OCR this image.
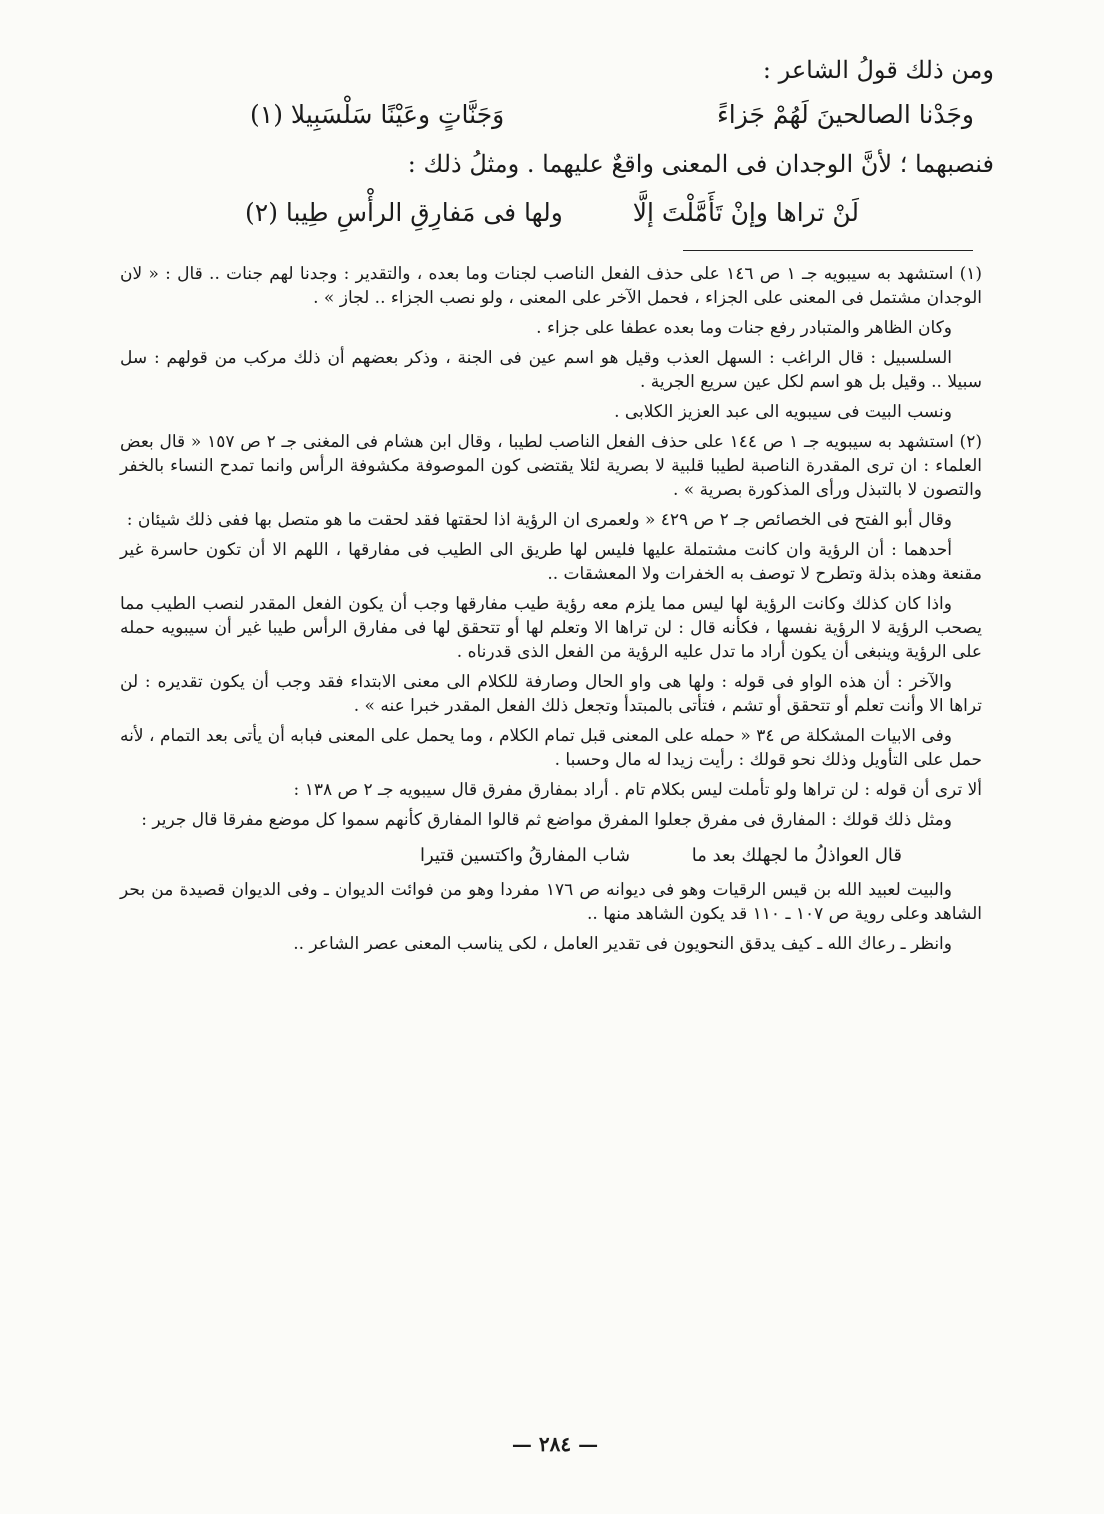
ومن ذلك قولُ الشاعر :
وجَدْنا الصالحينَ لَهُمْ جَزاءً
وَجَنَّاتٍ وعَيْنًا سَلْسَبِيلا (١)
فنصبهما ؛ لأنَّ الوجدان فى المعنى واقعٌ عليهما . ومثلُ ذلك :
لَنْ تراها وإنْ تَأَمَّلْتَ إلَّا
ولها فى مَفارِقِ الرأْسِ طِيبا (٢)

(١) استشهد به سيبويه جـ ١ ص ١٤٦ على حذف الفعل الناصب لجنات وما بعده ، والتقدير : وجدنا لهم جنات .. قال : « لان الوجدان مشتمل فى المعنى على الجزاء ، فحمل الآخر على المعنى ، ولو نصب الجزاء .. لجاز » .

وكان الظاهر والمتبادر رفع جنات وما بعده عطفا على جزاء .

السلسبيل : قال الراغب : السهل العذب وقيل هو اسم عين فى الجنة ، وذكر بعضهم أن ذلك مركب من قولهم : سل سبيلا .. وقيل بل هو اسم لكل عين سريع الجرية .

ونسب البيت فى سيبويه الى عبد العزيز الكلابى .

(٢) استشهد به سيبويه جـ ١ ص ١٤٤ على حذف الفعل الناصب لطيبا ، وقال ابن هشام فى المغنى جـ ٢ ص ١٥٧ « قال بعض العلماء : ان ترى المقدرة الناصبة لطيبا قلبية لا بصرية لئلا يقتضى كون الموصوفة مكشوفة الرأس وانما تمدح النساء بالخفر والتصون لا بالتبذل ورأى المذكورة بصرية » .

وقال أبو الفتح فى الخصائص جـ ٢ ص ٤٢٩ « ولعمرى ان الرؤية اذا لحقتها فقد لحقت ما هو متصل بها ففى ذلك شيئان :

أحدهما : أن الرؤية وان كانت مشتملة عليها فليس لها طريق الى الطيب فى مفارقها ، اللهم الا أن تكون حاسرة غير مقنعة وهذه بذلة وتطرح لا توصف به الخفرات ولا المعشقات ..

واذا كان كذلك وكانت الرؤية لها ليس مما يلزم معه رؤية طيب مفارقها وجب أن يكون الفعل المقدر لنصب الطيب مما يصحب الرؤية لا الرؤية نفسها ، فكأنه قال : لن تراها الا وتعلم لها أو تتحقق لها فى مفارق الرأس طيبا غير أن سيبويه حمله على الرؤية وينبغى أن يكون أراد ما تدل عليه الرؤية من الفعل الذى قدرناه .

والآخر : أن هذه الواو فى قوله : ولها هى واو الحال وصارفة للكلام الى معنى الابتداء فقد وجب أن يكون تقديره : لن تراها الا وأنت تعلم أو تتحقق أو تشم ، فتأتى بالمبتدأ وتجعل ذلك الفعل المقدر خبرا عنه » .

وفى الابيات المشكلة ص ٣٤ « حمله على المعنى قبل تمام الكلام ، وما يحمل على المعنى فبابه أن يأتى بعد التمام ، لأنه حمل على التأويل وذلك نحو قولك : رأيت زيدا له مال وحسبا .

ألا ترى أن قوله : لن تراها ولو تأملت ليس بكلام تام . أراد بمفارق مفرق قال سيبويه جـ ٢ ص ١٣٨ :

ومثل ذلك قولك : المفارق فى مفرق جعلوا المفرق مواضع ثم قالوا المفارق كأنهم سموا كل موضع مفرقا قال جرير :

قال العواذلُ ما لجهلك بعد ما
شاب المفارقُ واكتسين قتيرا

والبيت لعبيد الله بن قيس الرقيات وهو فى ديوانه ص ١٧٦ مفردا وهو من فوائت الديوان ـ وفى الديوان قصيدة من بحر الشاهد وعلى روية ص ١٠٧ ـ ١١٠ قد يكون الشاهد منها ..

وانظر ـ رعاك الله ـ كيف يدقق النحويون فى تقدير العامل ، لكى يناسب المعنى عصر الشاعر ..

— ٢٨٤ —
